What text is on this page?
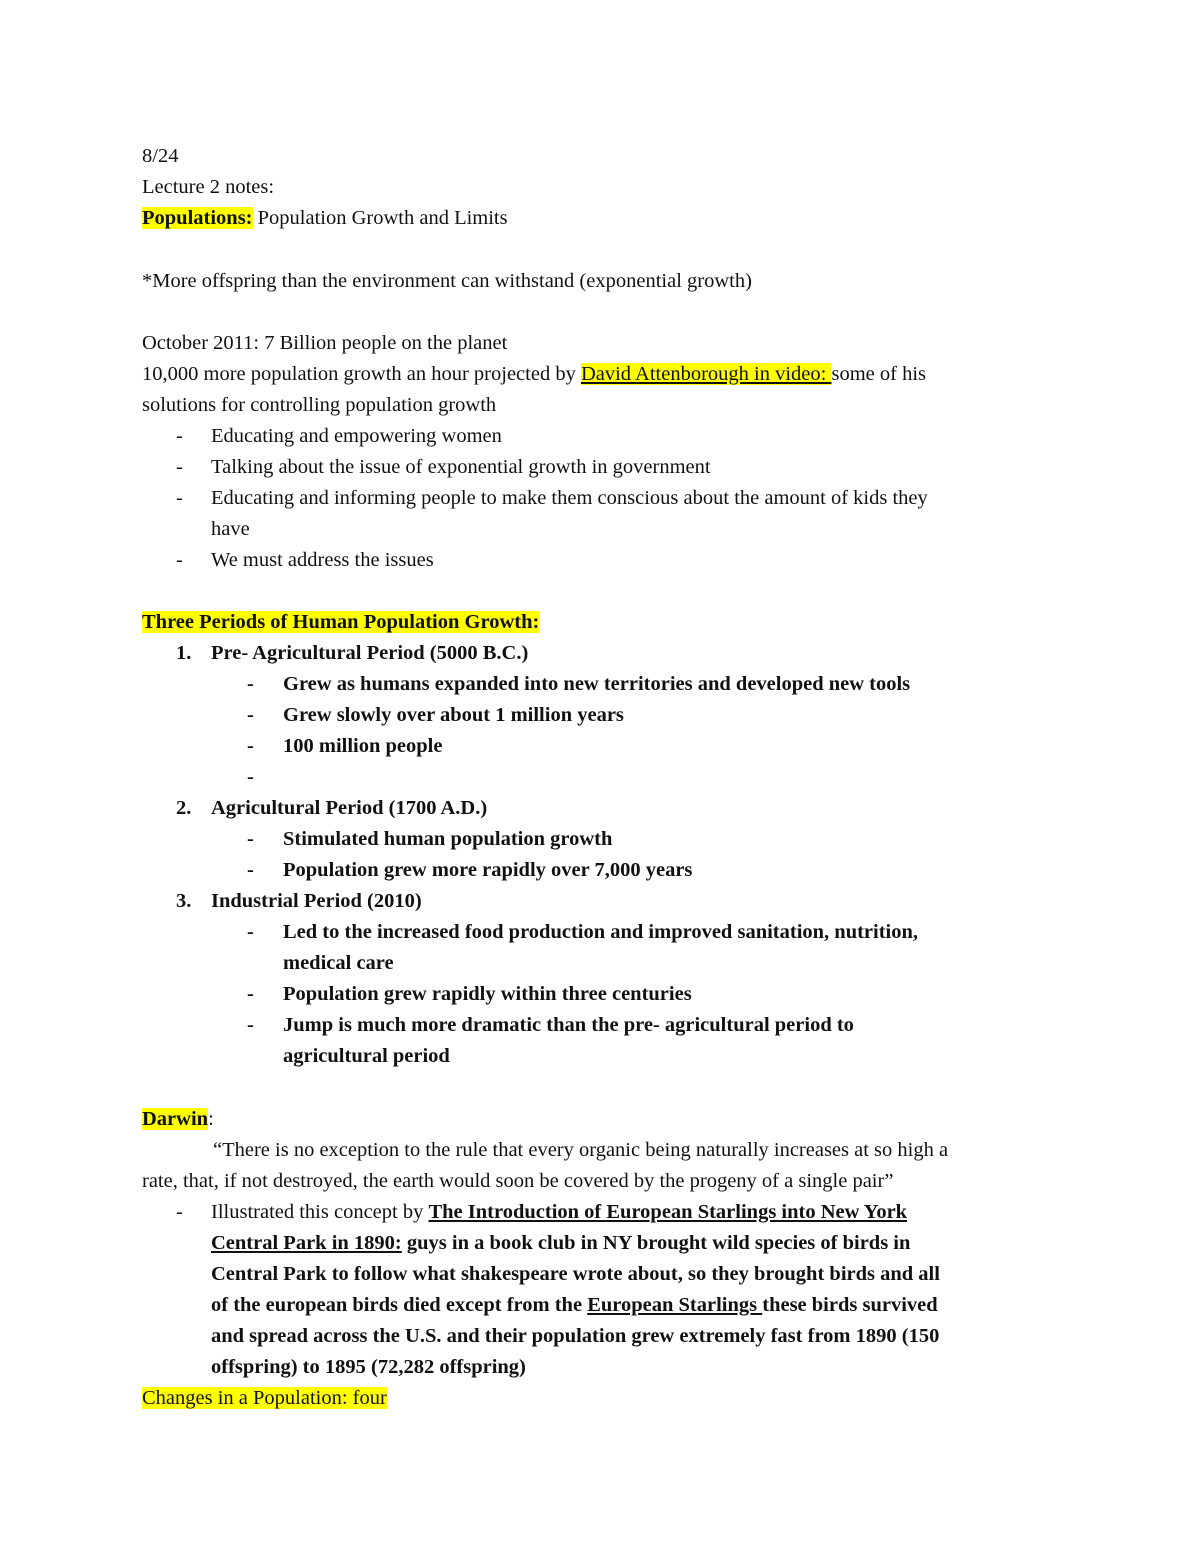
8/24
Lecture 2 notes:
Populations: Population Growth and Limits
*More offspring than the environment can withstand (exponential growth)
October 2011: 7 Billion people on the planet
10,000 more population growth an hour projected by David Attenborough in video: some of his
solutions for controlling population growth
- Educating and empowering women
- Talking about the issue of exponential growth in government
- Educating and informing people to make them conscious about the amount of kids they
have
- We must address the issues
Three Periods of Human Population Growth:
1. Pre- Agricultural Period (5000 B.C.)
- Grew as humans expanded into new territories and developed new tools
- Grew slowly over about 1 million years
- 100 million people
-
2. Agricultural Period (1700 A.D.)
- Stimulated human population growth
- Population grew more rapidly over 7,000 years
3. Industrial Period (2010)
- Led to the increased food production and improved sanitation, nutrition,
medical care
- Population grew rapidly within three centuries
- Jump is much more dramatic than the pre- agricultural period to
agricultural period
Darwin:
“There is no exception to the rule that every organic being naturally increases at so high a
rate, that, if not destroyed, the earth would soon be covered by the progeny of a single pair”
- Illustrated this concept by The Introduction of European Starlings into New York
Central Park in 1890: guys in a book club in NY brought wild species of birds in
Central Park to follow what shakespeare wrote about, so they brought birds and all
of the european birds died except from the European Starlings these birds survived
and spread across the U.S. and their population grew extremely fast from 1890 (150
offspring) to 1895 (72,282 offspring)
Changes in a Population: four
